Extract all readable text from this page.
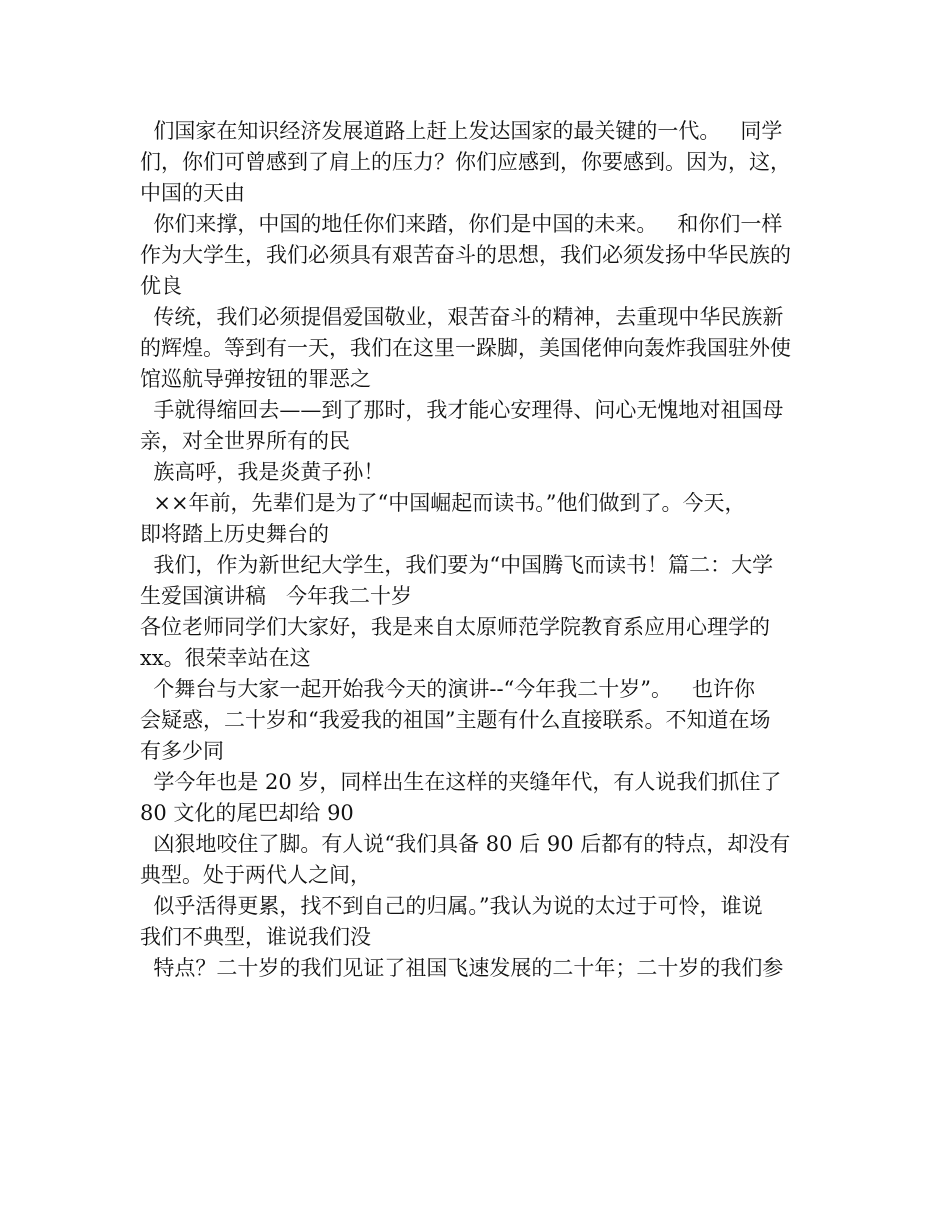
们国家在知识经济发展道路上赶上发达国家的最关键的一代。   同学
们，你们可曾感到了肩上的压力？你们应感到，你要感到。因为，这，
中国的天由
你们来撑，中国的地任你们来踏，你们是中国的未来。   和你们一样
作为大学生，我们必须具有艰苦奋斗的思想，我们必须发扬中华民族的
优良
传统，我们必须提倡爱国敬业，艰苦奋斗的精神，去重现中华民族新
的辉煌。等到有一天，我们在这里一跺脚，美国佬伸向轰炸我国驻外使
馆巡航导弹按钮的罪恶之
手就得缩回去——到了那时，我才能心安理得、问心无愧地对祖国母
亲，对全世界所有的民
族高呼，我是炎黄子孙！
××年前，先辈们是为了“中国崛起而读书。”他们做到了。今天，
即将踏上历史舞台的
我们，作为新世纪大学生，我们要为“中国腾飞而读书！篇二：大学
生爱国演讲稿   今年我二十岁
各位老师同学们大家好，我是来自太原师范学院教育系应用心理学的
xx。很荣幸站在这
个舞台与大家一起开始我今天的演讲--“今年我二十岁”。   也许你
会疑惑，二十岁和“我爱我的祖国”主题有什么直接联系。不知道在场
有多少同
学今年也是 20 岁，同样出生在这样的夹缝年代，有人说我们抓住了
80 文化的尾巴却给 90
凶狠地咬住了脚。有人说“我们具备 80 后 90 后都有的特点，却没有
典型。处于两代人之间，
似乎活得更累，找不到自己的归属。”我认为说的太过于可怜，谁说
我们不典型，谁说我们没
特点？二十岁的我们见证了祖国飞速发展的二十年；二十岁的我们参
